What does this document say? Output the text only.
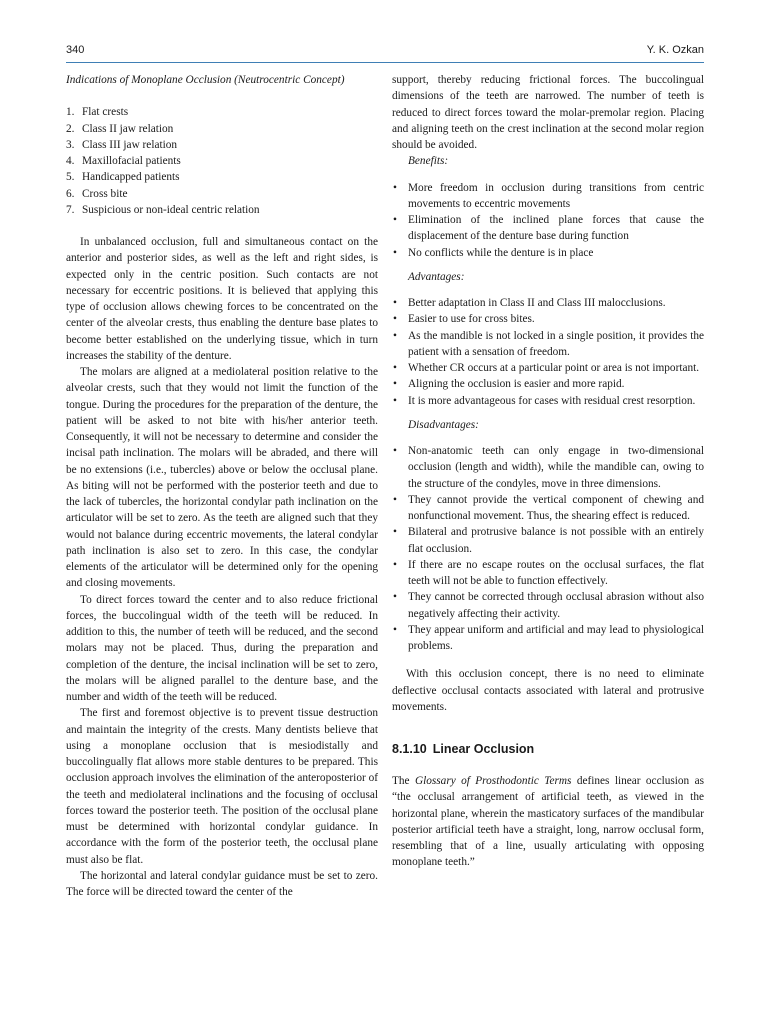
340	Y. K. Ozkan

Indications of Monoplane Occlusion (Neutrocentric Concept)

1. Flat crests
2. Class II jaw relation
3. Class III jaw relation
4. Maxillofacial patients
5. Handicapped patients
6. Cross bite
7. Suspicious or non-ideal centric relation

In unbalanced occlusion, full and simultaneous contact on the anterior and posterior sides, as well as the left and right sides, is expected only in the centric position. Such contacts are not necessary for eccentric positions. It is believed that applying this type of occlusion allows chewing forces to be concentrated on the center of the alveolar crests, thus enabling the denture base plates to become better established on the underlying tissue, which in turn increases the stability of the denture.

The molars are aligned at a mediolateral position relative to the alveolar crests, such that they would not limit the function of the tongue. During the procedures for the preparation of the denture, the patient will be asked to not bite with his/her anterior teeth. Consequently, it will not be necessary to determine and consider the incisal path inclination. The molars will be abraded, and there will be no extensions (i.e., tubercles) above or below the occlusal plane. As biting will not be performed with the posterior teeth and due to the lack of tubercles, the horizontal condylar path inclination on the articulator will be set to zero. As the teeth are aligned such that they would not balance during eccentric movements, the lateral condylar path inclination is also set to zero. In this case, the condylar elements of the articulator will be determined only for the opening and closing movements.

To direct forces toward the center and to also reduce frictional forces, the buccolingual width of the teeth will be reduced. In addition to this, the number of teeth will be reduced, and the second molars may not be placed. Thus, during the preparation and completion of the denture, the incisal inclination will be set to zero, the molars will be aligned parallel to the denture base, and the number and width of the teeth will be reduced.

The first and foremost objective is to prevent tissue destruction and maintain the integrity of the crests. Many dentists believe that using a monoplane occlusion that is mesiodistally and buccolingually flat allows more stable dentures to be prepared. This occlusion approach involves the elimination of the anteroposterior of the teeth and mediolateral inclinations and the focusing of occlusal forces toward the posterior teeth. The position of the occlusal plane must be determined with horizontal condylar guidance. In accordance with the form of the posterior teeth, the occlusal plane must also be flat.

The horizontal and lateral condylar guidance must be set to zero. The force will be directed toward the center of the

support, thereby reducing frictional forces. The buccolingual dimensions of the teeth are narrowed. The number of teeth is reduced to direct forces toward the molar-premolar region. Placing and aligning teeth on the crest inclination at the second molar region should be avoided.

Benefits:

• More freedom in occlusion during transitions from centric movements to eccentric movements
• Elimination of the inclined plane forces that cause the displacement of the denture base during function
• No conflicts while the denture is in place

Advantages:

• Better adaptation in Class II and Class III malocclusions.
• Easier to use for cross bites.
• As the mandible is not locked in a single position, it provides the patient with a sensation of freedom.
• Whether CR occurs at a particular point or area is not important.
• Aligning the occlusion is easier and more rapid.
• It is more advantageous for cases with residual crest resorption.

Disadvantages:

• Non-anatomic teeth can only engage in two-dimensional occlusion (length and width), while the mandible can, owing to the structure of the condyles, move in three dimensions.
• They cannot provide the vertical component of chewing and nonfunctional movement. Thus, the shearing effect is reduced.
• Bilateral and protrusive balance is not possible with an entirely flat occlusion.
• If there are no escape routes on the occlusal surfaces, the flat teeth will not be able to function effectively.
• They cannot be corrected through occlusal abrasion without also negatively affecting their activity.
• They appear uniform and artificial and may lead to physiological problems.

With this occlusion concept, there is no need to eliminate deflective occlusal contacts associated with lateral and protrusive movements.

8.1.10 Linear Occlusion

The Glossary of Prosthodontic Terms defines linear occlusion as “the occlusal arrangement of artificial teeth, as viewed in the horizontal plane, wherein the masticatory surfaces of the mandibular posterior artificial teeth have a straight, long, narrow occlusal form, resembling that of a line, usually articulating with opposing monoplane teeth.”
